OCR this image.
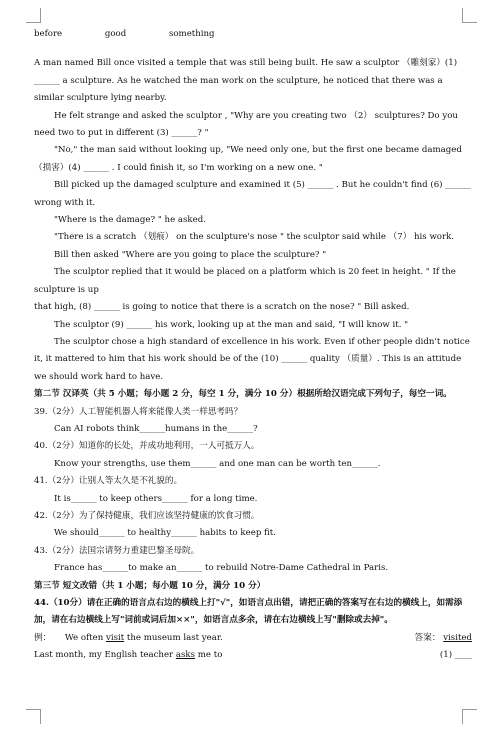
before	good	something
A man named Bill once visited a temple that was still being built. He saw a sculptor （雕刻家）(1) ______ a sculpture. As he watched the man work on the sculpture, he noticed that there was a similar sculpture lying nearby.
He felt strange and asked the sculptor , "Why are you creating two （2） sculptures? Do you need two to put in different (3) ______? "
"No," the man said without looking up, "We need only one, but the first one became damaged（损害）(4) ______ . I could finish it, so I'm working on a new one. "
Bill picked up the damaged sculpture and examined it (5) ______ . But he couldn't find (6) ______ wrong with it.
"Where is the damage? " he asked.
"There is a scratch （划痕） on the sculpture's nose " the sculptor said while （7） his work.
Bill then asked "Where are you going to place the sculpture? "
The sculptor replied that it would be placed on a platform which is 20 feet in height. " If the sculpture is up
that high, (8) ______ is going to notice that there is a scratch on the nose? " Bill asked.
The sculptor (9) ______ his work, looking up at the man and said, "I will know it. "
The sculptor chose a high standard of excellence in his work. Even if other people didn't notice it, it mattered to him that his work should be of the (10) ______ quality （质量）. This is an attitude we should work hard to have.
第二节 汉译英（共 5 小题；每小题 2 分，每空 1 分，满分 10 分）根据所给汉语完成下列句子，每空一词。
39.（2分）人工智能机器人将来能像人类一样思考吗？
Can AI robots think______humans in the______?
40.（2分）知道你的长处，并成功地利用，一人可抵万人。
Know your strengths, use them______ and one man can be worth ten______.
41.（2分）让别人等太久是不礼貌的。
It is______ to keep others______ for a long time.
42.（2分）为了保持健康，我们应该坚持健康的饮食习惯。
We should______ to healthy______ habits to keep fit.
43.（2分）法国宗请努力重建巴黎圣母院。
France has______to make an______ to rebuild Notre-Dame Cathedral in Paris.
第三节 短文改错（共 1 小题；每小题 10 分，满分 10 分）
44.（10分）请在正确的语言点右边的横线上打"√"，如语言点出错，请把正确的答案写在右边的横线上，如需添加，请在右边横线上写"词前或词后加××"，如语言点多余，请在右边横线上写"删除或去掉"。
例： We often visit the museum last year.	答案： visited
Last month, my English teacher asks me to	(1) ____
